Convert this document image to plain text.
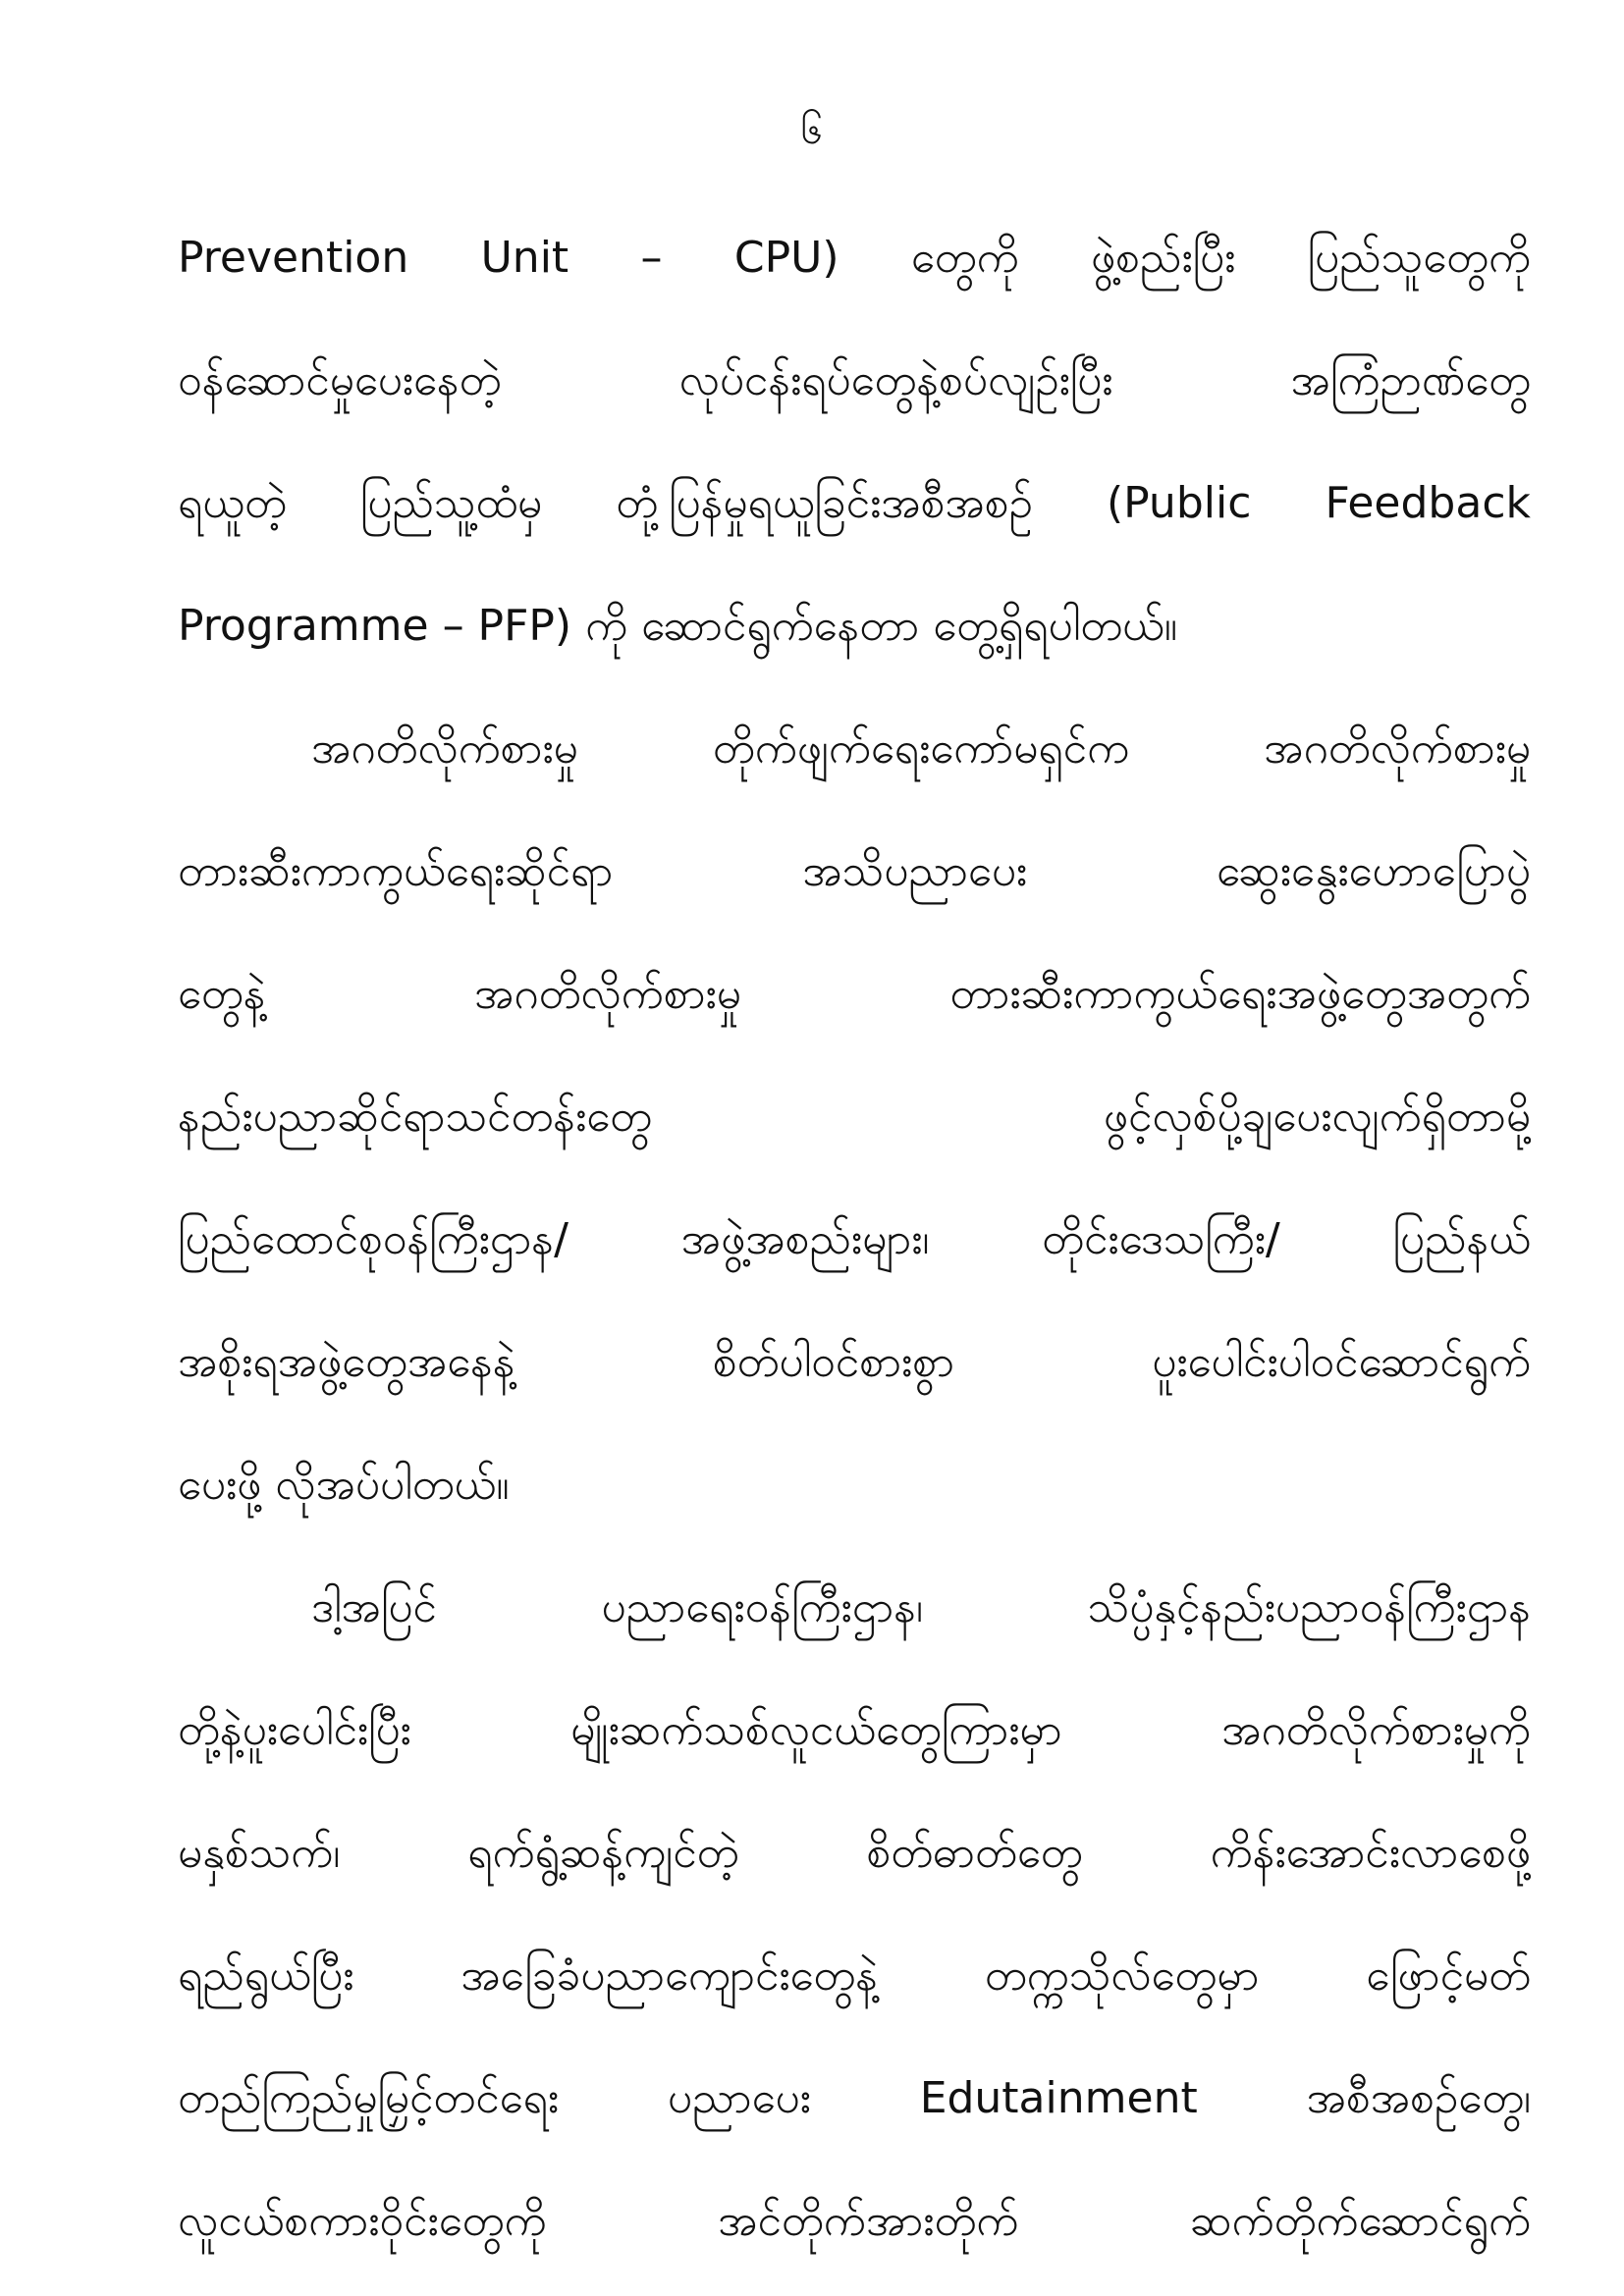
၆
Prevention Unit – CPU) တွေကို ဖွဲ့စည်းပြီး ပြည်သူတွေကို
ဝန်ဆောင်မှုပေးနေတဲ့ လုပ်ငန်းရပ်တွေနဲ့စပ်လျဉ်းပြီး အကြံဉာဏ်တွေ
ရယူတဲ့ ပြည်သူ့ထံမှ တုံ့ပြန်မှုရယူခြင်းအစီအစဉ် (Public Feedback
Programme – PFP) ကို ဆောင်ရွက်နေတာ တွေ့ရှိရပါတယ်။
အဂတိလိုက်စားမှု တိုက်ဖျက်ရေးကော်မရှင်က အဂတိလိုက်စားမှု
တားဆီးကာကွယ်ရေးဆိုင်ရာ အသိပညာပေး ဆွေးနွေးဟောပြောပွဲ
တွေနဲ့ အဂတိလိုက်စားမှု တားဆီးကာကွယ်ရေးအဖွဲ့တွေအတွက်
နည်းပညာဆိုင်ရာသင်တန်းတွေ ဖွင့်လှစ်ပို့ချပေးလျက်ရှိတာမို့
ပြည်ထောင်စုဝန်ကြီးဌာန/ အဖွဲ့အစည်းများ၊ တိုင်းဒေသကြီး/ ပြည်နယ်
အစိုးရအဖွဲ့တွေအနေနဲ့ စိတ်ပါဝင်စားစွာ ပူးပေါင်းပါဝင်ဆောင်ရွက်
ပေးဖို့ လိုအပ်ပါတယ်။
ဒါ့အပြင် ပညာရေးဝန်ကြီးဌာန၊ သိပ္ပံနှင့်နည်းပညာဝန်ကြီးဌာန
တို့နဲ့ပူးပေါင်းပြီး မျိုးဆက်သစ်လူငယ်တွေကြားမှာ အဂတိလိုက်စားမှုကို
မနှစ်သက်၊ ရက်ရွံ့ဆန့်ကျင်တဲ့ စိတ်ဓာတ်တွေ ကိန်းအောင်းလာစေဖို့
ရည်ရွယ်ပြီး အခြေခံပညာကျောင်းတွေနဲ့ တက္ကသိုလ်တွေမှာ ဖြောင့်မတ်
တည်ကြည်မှုမြှင့်တင်ရေး ပညာပေး Edutainment အစီအစဉ်တွေ၊
လူငယ်စကားဝိုင်းတွေကို အင်တိုက်အားတိုက် ဆက်တိုက်ဆောင်ရွက်
